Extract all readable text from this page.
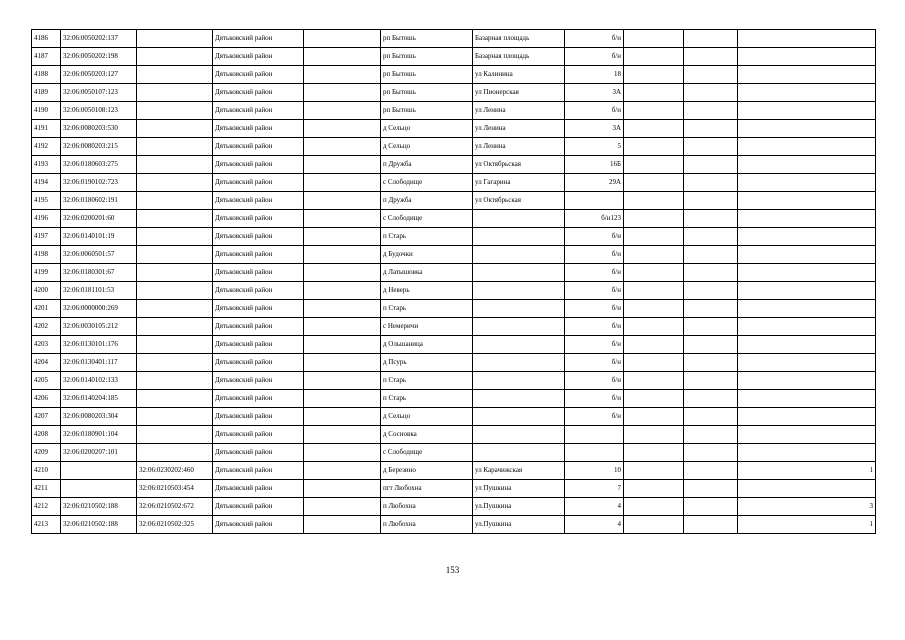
4186	32:06:0050202:137		Дятьковский район		рп Бытошь	Базарная площадь	б/н			
4187	32:06:0050202:198		Дятьковский район		рп Бытошь	Базарная площадь	б/н			
4188	32:06:0050203:127		Дятьковский район		рп Бытошь	ул Калинина	18			
4189	32:06:0050107:123		Дятьковский район		рп Бытошь	ул Пионерская	3А			
4190	32:06:0050108:123		Дятьковский район		рп Бытошь	ул Ленина	б/н			
4191	32:06:0080203:530		Дятьковский район		д Сельцо	ул Ленина	3А			
4192	32:06:0080203:215		Дятьковский район		д Сельцо	ул Ленина	5			
4193	32:06:0180603:275		Дятьковский район		п Дружба	ул Октябрьская	16Б			
4194	32:06:0190102:723		Дятьковский район		с Слободище	ул Гагарина	29А			
4195	32:06:0180602:191		Дятьковский район		п Дружба	ул Октябрьская				
4196	32:06:0200201:60		Дятьковский район		с Слободище		б/н123			
4197	32:06:0140101:19		Дятьковский район		п Старь		б/н			
4198	32:06:0060501:57		Дятьковский район		д Будочки		б/н			
4199	32:06:0180301:67		Дятьковский район		д Латышовка		б/н			
4200	32:06:0181101:53		Дятьковский район		д Неверь		б/н			
4201	32:06:0000000:269		Дятьковский район		п Старь		б/н			
4202	32:06:0030105:212		Дятьковский район		с Немеричи		б/н			
4203	32:06:0130101:176		Дятьковский район		д Ольшаница		б/н			
4204	32:06:0130401:117		Дятьковский район		д Псурь		б/н			
4205	32:06:0140102:133		Дятьковский район		п Старь		б/н			
4206	32:06:0140204:185		Дятьковский район		п Старь		б/н			
4207	32:06:0080203:304		Дятьковский район		д Сельцо		б/н			
4208	32:06:0180901:104		Дятьковский район		д Сосновка					
4209	32:06:0200207:101		Дятьковский район		с Слободище					
4210		32:06:0230202:460	Дятьковский район		д Березино	ул Карачижская	10			1
4211		32:06:0210503:454	Дятьковский район		пгт Любохна	ул Пушкина	7			
4212	32:06:0210502:188	32:06:0210502:672	Дятьковский район		п Любохна	ул.Пушкина	4			3
4213	32:06:0210502:188	32:06:0210502:325	Дятьковский район		п Любохна	ул.Пушкина	4			1
153
